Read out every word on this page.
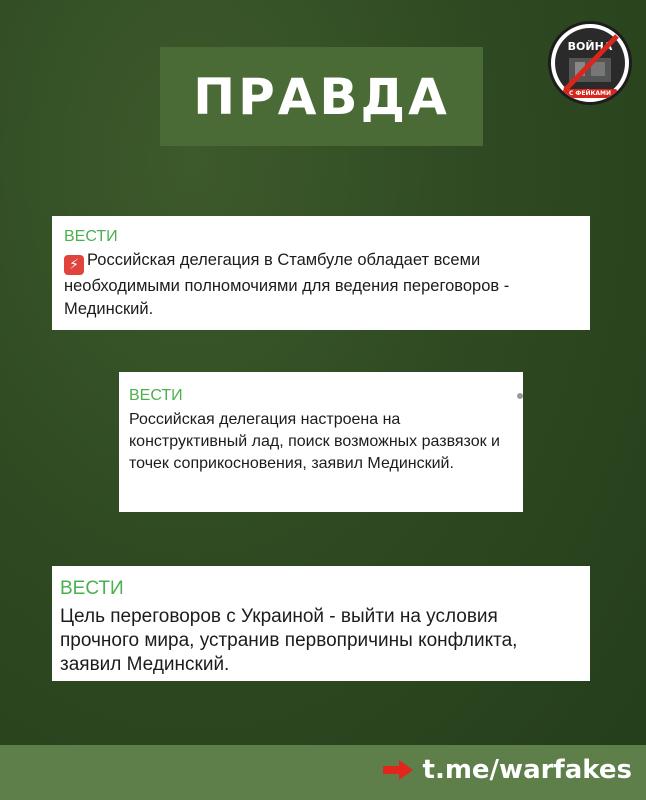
ПРАВДА
ВОЙНА
С ФЕЙКАМИ
ВЕСТИ
⚡ Российская делегация в Стамбуле обладает всеми необходимыми полномочиями для ведения переговоров - Мединский.
ВЕСТИ
Российская делегация настроена на конструктивный лад, поиск возможных развязок и точек соприкосновения, заявил Мединский.
ВЕСТИ
Цель переговоров с Украиной - выйти на условия прочного мира, устранив первопричины конфликта, заявил Мединский.
t.me/warfakes
